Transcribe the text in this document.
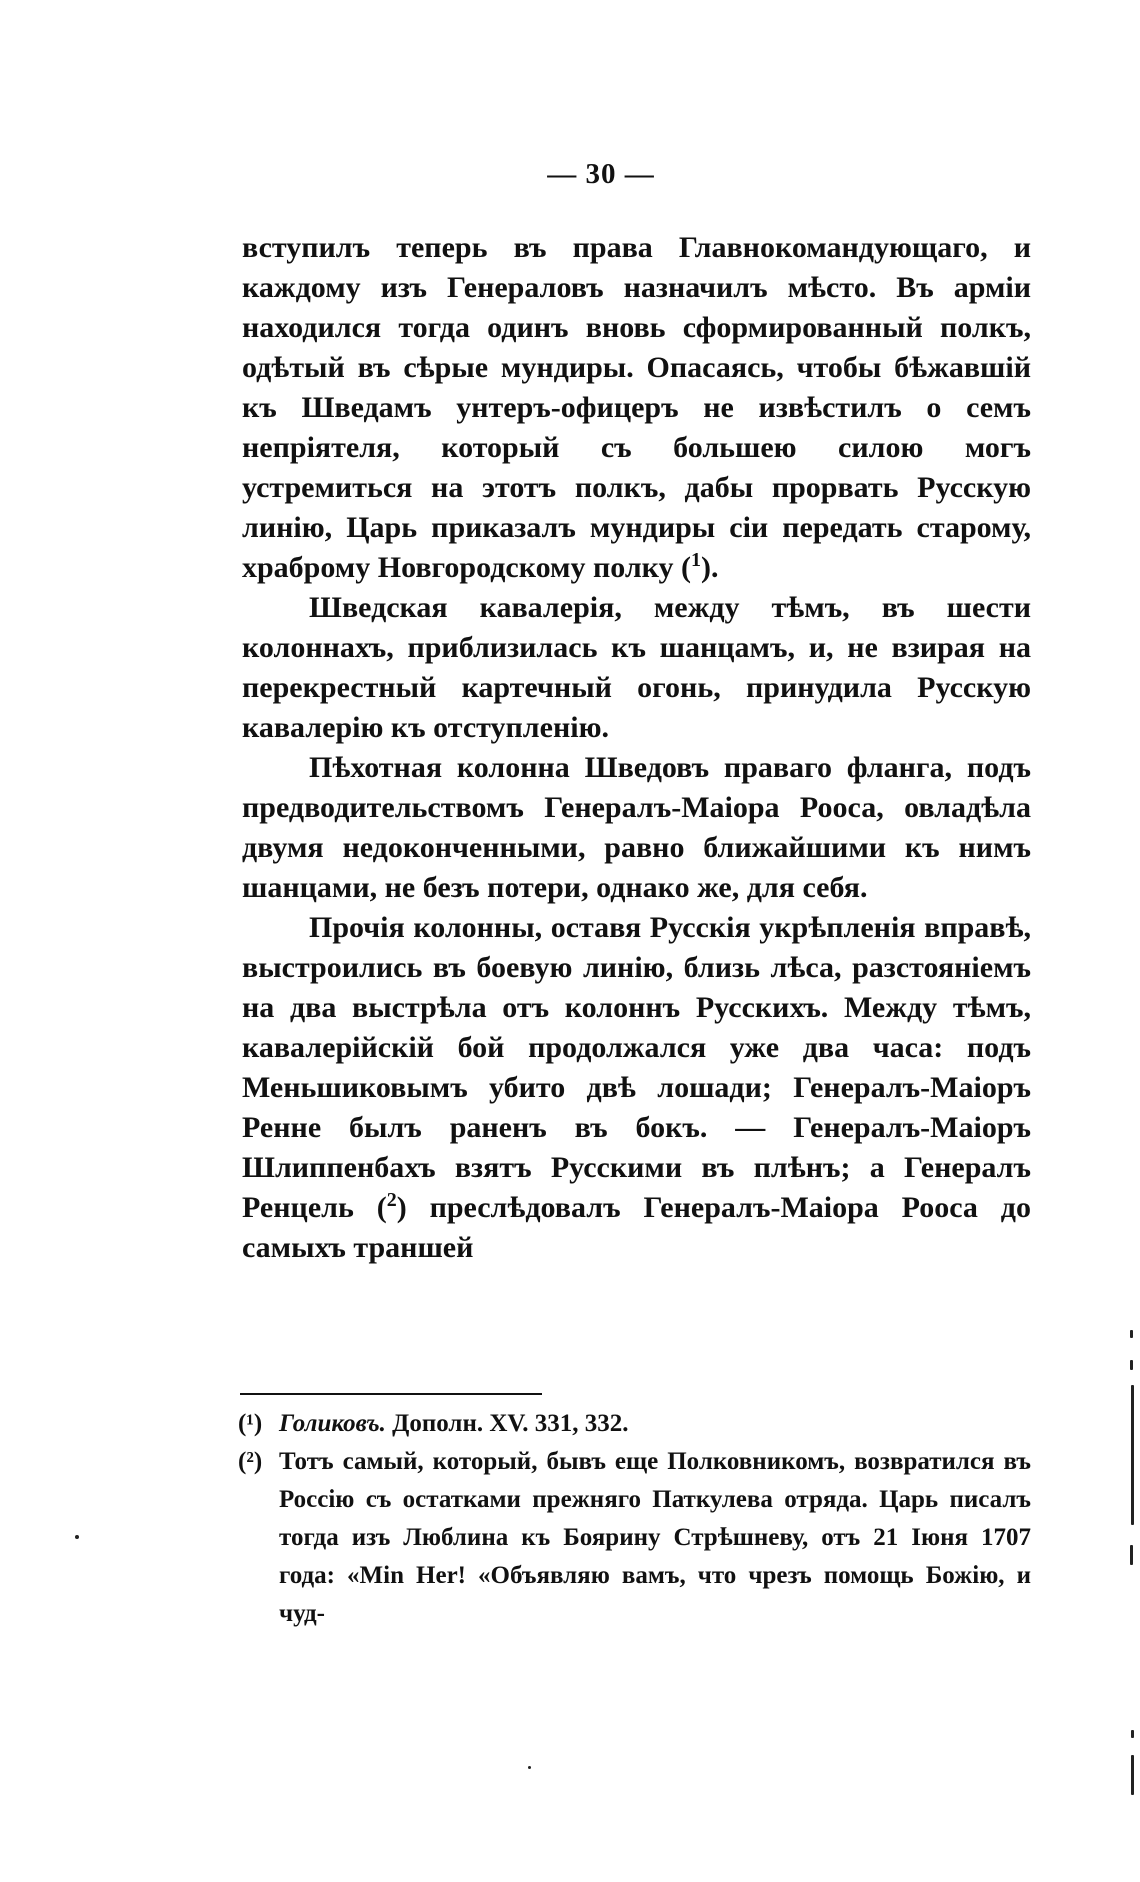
— 30 —

вступилъ теперь въ права Главнокомандующаго, и каждому изъ Генераловъ назначилъ мѣсто. Въ арміи находился тогда одинъ вновь сформированный полкъ, одѣтый въ сѣрые мундиры. Опасаясь, чтобы бѣжавшій къ Шведамъ унтеръ-офицеръ не извѣстилъ о семъ непріятеля, который съ большею силою могъ устремиться на этотъ полкъ, дабы прорвать Русскую линію, Царь приказалъ мундиры сіи передать старому, храброму Новгородскому полку ($^1$).

Шведская кавалерія, между тѣмъ, въ шести колоннахъ, приблизилась къ шанцамъ, и, не взирая на перекрестный картечный огонь, принудила Русскую кавалерію къ отступленію.

Пѣхотная колонна Шведовъ праваго фланга, подъ предводительствомъ Генералъ-Маіора Рооса, овладѣла двумя недоконченными, равно ближайшими къ нимъ шанцами, не безъ потери, однако же, для себя.

Прочія колонны, оставя Русскія укрѣпленія вправѣ, выстроились въ боевую линію, близь лѣса, разстояніемъ на два выстрѣла отъ колоннъ Русскихъ. Между тѣмъ, кавалерійскій бой продолжался уже два часа: подъ Меньшиковымъ убито двѣ лошади; Генералъ-Маіоръ Ренне былъ раненъ въ бокъ. — Генералъ-Маіоръ Шлиппенбахъ взятъ Русскими въ плѣнъ; а Генералъ Ренцель ($^2$) преслѣдовалъ Генералъ-Маіора Рооса до самыхъ траншей

(¹) Голиковъ. Дополн. XV. 331, 332.
(²) Тотъ самый, который, бывъ еще Полковникомъ, возвратился въ Россію съ остатками прежняго Паткулева отряда. Царь писалъ тогда изъ Люблина къ Боярину Стрѣшневу, отъ 21 Іюня 1707 года: «Min Her! «Объявляю вамъ, что чрезъ помощь Божію, и чуд-
